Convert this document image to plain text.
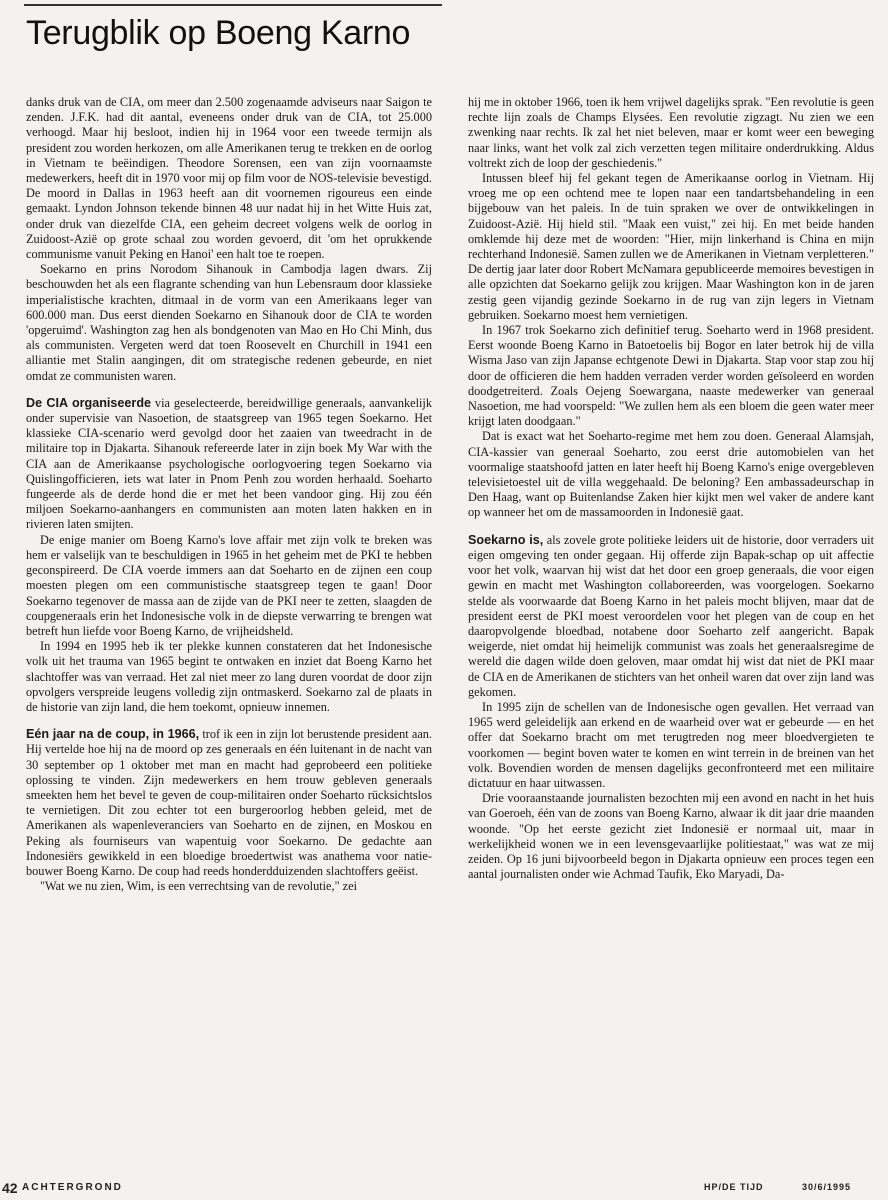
Terugblik op Boeng Karno

danks druk van de CIA, om meer dan 2.500 zogenaamde adviseurs naar Saigon te zenden. J.F.K. had dit aantal, eveneens onder druk van de CIA, tot 25.000 verhoogd. Maar hij besloot, indien hij in 1964 voor een tweede termijn als president zou worden herkozen, om alle Amerikanen terug te trekken en de oorlog in Vietnam te beëindigen. Theodore Sorensen, een van zijn voornaamste medewerkers, heeft dit in 1970 voor mij op film voor de NOS-televisie bevestigd. De moord in Dallas in 1963 heeft aan dit voornemen rigoureus een einde gemaakt. Lyndon Johnson tekende binnen 48 uur nadat hij in het Witte Huis zat, onder druk van diezelfde CIA, een geheim decreet volgens welk de oorlog in Zuidoost-Azië op grote schaal zou worden gevoerd, dit 'om het oprukkende communisme vanuit Peking en Hanoi' een halt toe te roepen.

Soekarno en prins Norodom Sihanouk in Cambodja lagen dwars. Zij beschouwden het als een flagrante schending van hun Lebensraum door klassieke imperialistische krachten, ditmaal in de vorm van een Amerikaans leger van 600.000 man. Dus eerst dienden Soekarno en Sihanouk door de CIA te worden 'opgeruimd'. Washington zag hen als bondgenoten van Mao en Ho Chi Minh, dus als communisten. Vergeten werd dat toen Roosevelt en Churchill in 1941 een alliantie met Stalin aangingen, dit om strategische redenen gebeurde, en niet omdat ze communisten waren.

De CIA organiseerde via geselecteerde, bereidwillige generaals, aanvankelijk onder supervisie van Nasoetion, de staatsgreep van 1965 tegen Soekarno. Het klassieke CIA-scenario werd gevolgd door het zaaien van tweedracht in de militaire top in Djakarta. Sihanouk refereerde later in zijn boek My War with the CIA aan de Amerikaanse psychologische oorlogvoering tegen Soekarno via Quislingofficieren, iets wat later in Pnom Penh zou worden herhaald. Soeharto fungeerde als de derde hond die er met het been vandoor ging. Hij zou één miljoen Soekarno-aanhangers en communisten aan moten laten hakken en in rivieren laten smijten.

De enige manier om Boeng Karno's love affair met zijn volk te breken was hem er valselijk van te beschuldigen in 1965 in het geheim met de PKI te hebben geconspireerd. De CIA voerde immers aan dat Soeharto en de zijnen een coup moesten plegen om een communistische staatsgreep tegen te gaan! Door Soekarno tegenover de massa aan de zijde van de PKI neer te zetten, slaagden de coupgeneraals erin het Indonesische volk in de diepste verwarring te brengen wat betreft hun liefde voor Boeng Karno, de vrijheidsheld.

In 1994 en 1995 heb ik ter plekke kunnen constateren dat het Indonesische volk uit het trauma van 1965 begint te ontwaken en inziet dat Boeng Karno het slachtoffer was van verraad. Het zal niet meer zo lang duren voordat de door zijn opvolgers verspreide leugens volledig zijn ontmaskerd. Soekarno zal de plaats in de historie van zijn land, die hem toekomt, opnieuw innemen.

Eén jaar na de coup, in 1966, trof ik een in zijn lot berustende president aan. Hij vertelde hoe hij na de moord op zes generaals en één luitenant in de nacht van 30 september op 1 oktober met man en macht had geprobeerd een politieke oplossing te vinden. Zijn medewerkers en hem trouw gebleven generaals smeekten hem het bevel te geven de coup-militairen onder Soeharto rücksichtslos te vernietigen. Dit zou echter tot een burgeroorlog hebben geleid, met de Amerikanen als wapenleveranciers van Soeharto en de zijnen, en Moskou en Peking als fourniseurs van wapentuig voor Soekarno. De gedachte aan Indonesiërs gewikkeld in een bloedige broedertwist was anathema voor natie-bouwer Boeng Karno. De coup had reeds honderdduizenden slachtoffers geëist.

"Wat we nu zien, Wim, is een verrechtsing van de revolutie," zei

hij me in oktober 1966, toen ik hem vrijwel dagelijks sprak. "Een revolutie is geen rechte lijn zoals de Champs Elysées. Een revolutie zigzagt. Nu zien we een zwenking naar rechts. Ik zal het niet beleven, maar er komt weer een beweging naar links, want het volk zal zich verzetten tegen militaire onderdrukking. Aldus voltrekt zich de loop der geschiedenis."

Intussen bleef hij fel gekant tegen de Amerikaanse oorlog in Vietnam. Hij vroeg me op een ochtend mee te lopen naar een tandartsbehandeling in een bijgebouw van het paleis. In de tuin spraken we over de ontwikkelingen in Zuidoost-Azië. Hij hield stil. "Maak een vuist," zei hij. En met beide handen omklemde hij deze met de woorden: "Hier, mijn linkerhand is China en mijn rechterhand Indonesië. Samen zullen we de Amerikanen in Vietnam verpletteren." De dertig jaar later door Robert McNamara gepubliceerde memoires bevestigen in alle opzichten dat Soekarno gelijk zou krijgen. Maar Washington kon in de jaren zestig geen vijandig gezinde Soekarno in de rug van zijn legers in Vietnam gebruiken. Soekarno moest hem vernietigen.

In 1967 trok Soekarno zich definitief terug. Soeharto werd in 1968 president. Eerst woonde Boeng Karno in Batoetoelis bij Bogor en later betrok hij de villa Wisma Jaso van zijn Japanse echtgenote Dewi in Djakarta. Stap voor stap zou hij door de officieren die hem hadden verraden verder worden geïsoleerd en worden doodgetreiterd. Zoals Oejeng Soewargana, naaste medewerker van generaal Nasoetion, me had voorspeld: "We zullen hem als een bloem die geen water meer krijgt laten doodgaan."

Dat is exact wat het Soeharto-regime met hem zou doen. Generaal Alamsjah, CIA-kassier van generaal Soeharto, zou eerst drie automobielen van het voormalige staatshoofd jatten en later heeft hij Boeng Karno's enige overgebleven televisietoestel uit de villa weggehaald. De beloning? Een ambassadeurschap in Den Haag, want op Buitenlandse Zaken hier kijkt men wel vaker de andere kant op wanneer het om de massamoorden in Indonesië gaat.

Soekarno is, als zovele grote politieke leiders uit de historie, door verraders uit eigen omgeving ten onder gegaan. Hij offerde zijn Bapak-schap op uit affectie voor het volk, waarvan hij wist dat het door een groep generaals, die voor eigen gewin en macht met Washington collaboreerden, was voorgelogen. Soekarno stelde als voorwaarde dat Boeng Karno in het paleis mocht blijven, maar dat de president eerst de PKI moest veroordelen voor het plegen van de coup en het daaropvolgende bloedbad, notabene door Soeharto zelf aangericht. Bapak weigerde, niet omdat hij heimelijk communist was zoals het generaalsregime de wereld die dagen wilde doen geloven, maar omdat hij wist dat niet de PKI maar de CIA en de Amerikanen de stichters van het onheil waren dat over zijn land was gekomen.

In 1995 zijn de schellen van de Indonesische ogen gevallen. Het verraad van 1965 werd geleidelijk aan erkend en de waarheid over wat er gebeurde — en het offer dat Soekarno bracht om met terugtreden nog meer bloedvergieten te voorkomen — begint boven water te komen en wint terrein in de breinen van het volk. Bovendien worden de mensen dagelijks geconfronteerd met een militaire dictatuur en haar uitwassen.

Drie vooraanstaande journalisten bezochten mij een avond en nacht in het huis van Goeroeh, één van de zoons van Boeng Karno, alwaar ik dit jaar drie maanden woonde. "Op het eerste gezicht ziet Indonesië er normaal uit, maar in werkelijkheid wonen we in een levensgevaarlijke politiestaat," was wat ze mij zeiden. Op 16 juni bijvoorbeeld begon in Djakarta opnieuw een proces tegen een aantal journalisten onder wie Achmad Taufik, Eko Maryadi, Da-

42 ACHTERGROND	HP/DE TIJD	30/6/1995
